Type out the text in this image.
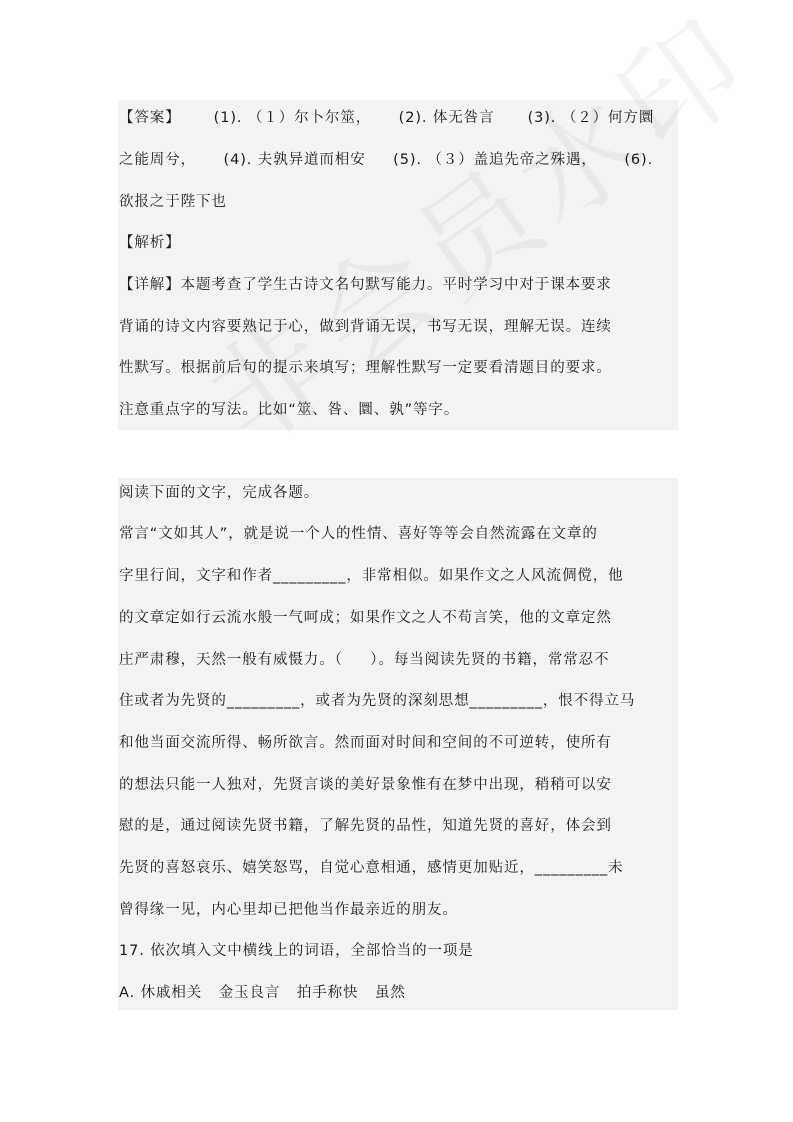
【答案】      (1). （１）尔卜尔筮，     (2). 体无咎言      (3). （２）何方圜
之能周兮，     (4). 夫孰异道而相安     (5). （３）盖追先帝之殊遇，     (6).
欲报之于陛下也
【解析】
【详解】本题考查了学生古诗文名句默写能力。平时学习中对于课本要求
背诵的诗文内容要熟记于心，做到背诵无误，书写无误，理解无误。连续
性默写。根据前后句的提示来填写；理解性默写一定要看清题目的要求。
注意重点字的写法。比如“筮、咎、圜、孰”等字。
阅读下面的文字，完成各题。
常言“文如其人”，就是说一个人的性情、喜好等等会自然流露在文章的
字里行间，文字和作者_________，非常相似。如果作文之人风流倜傥，他
的文章定如行云流水般一气呵成；如果作文之人不苟言笑，他的文章定然
庄严肃穆，天然一般有威慑力。（     ）。每当阅读先贤的书籍，常常忍不
住或者为先贤的_________，或者为先贤的深刻思想_________，恨不得立马
和他当面交流所得、畅所欲言。然而面对时间和空间的不可逆转，使所有
的想法只能一人独对，先贤言谈的美好景象惟有在梦中出现，稍稍可以安
慰的是，通过阅读先贤书籍，了解先贤的品性，知道先贤的喜好，体会到
先贤的喜怒哀乐、嬉笑怒骂，自觉心意相通，感情更加贴近，_________未
曾得缘一见，内心里却已把他当作最亲近的朋友。
17. 依次填入文中横线上的词语，全部恰当的一项是
A. 休戚相关   金玉良言   拍手称快   虽然
